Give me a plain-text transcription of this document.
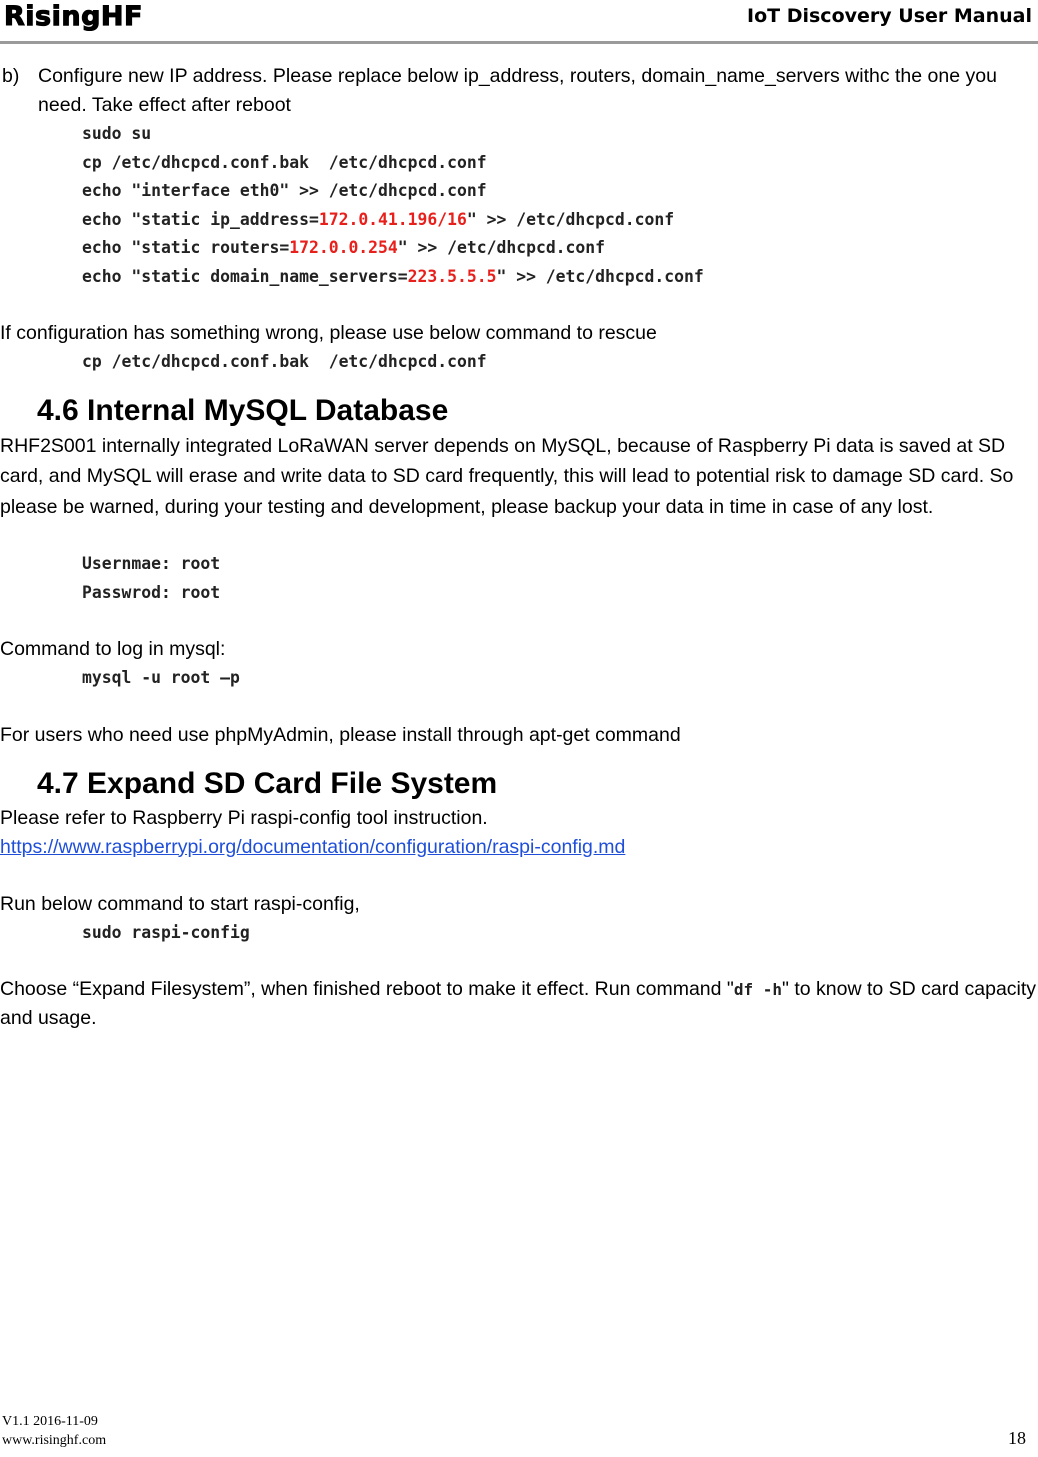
RisingHF	IoT Discovery User Manual
b) Configure new IP address. Please replace below ip_address, routers, domain_name_servers withc the one you need. Take effect after reboot
sudo su
cp /etc/dhcpcd.conf.bak  /etc/dhcpcd.conf
echo "interface eth0" >> /etc/dhcpcd.conf
echo "static ip_address=172.0.41.196/16" >> /etc/dhcpcd.conf
echo "static routers=172.0.0.254" >> /etc/dhcpcd.conf
echo "static domain_name_servers=223.5.5.5" >> /etc/dhcpcd.conf

If configuration has something wrong, please use below command to rescue

cp /etc/dhcpcd.conf.bak  /etc/dhcpcd.conf
4.6 Internal MySQL Database

RHF2S001 internally integrated LoRaWAN server depends on MySQL, because of Raspberry Pi data is saved at SD card, and MySQL will erase and write data to SD card frequently, this will lead to potential risk to damage SD card. So please be warned, during your testing and development, please backup your data in time in case of any lost.

Usernmae: root
Passwrod: root

Command to log in mysql:

mysql -u root –p

For users who need use phpMyAdmin, please install through apt-get command

4.7 Expand SD Card File System

Please refer to Raspberry Pi raspi-config tool instruction.

https://www.raspberrypi.org/documentation/configuration/raspi-config.md

Run below command to start raspi-config,

sudo raspi-config

Choose “Expand Filesystem”, when finished reboot to make it effect. Run command "df -h" to know to SD card capacity and usage.

V1.1 2016-11-09
www.risinghf.com	18
